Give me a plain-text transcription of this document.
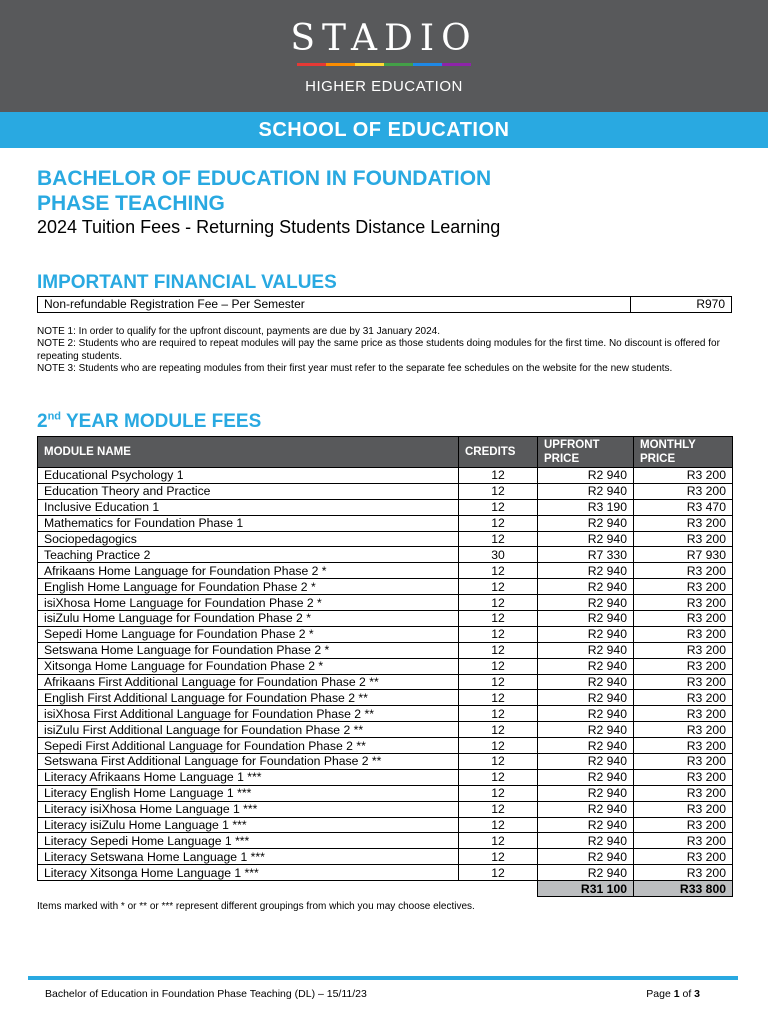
STADIO
HIGHER EDUCATION
SCHOOL OF EDUCATION
BACHELOR OF EDUCATION IN FOUNDATION
PHASE TEACHING
2024 Tuition Fees - Returning Students Distance Learning
IMPORTANT FINANCIAL VALUES
Non-refundable Registration Fee – Per Semester	R970
NOTE 1: In order to qualify for the upfront discount, payments are due by 31 January 2024.
NOTE 2: Students who are required to repeat modules will pay the same price as those students doing modules for the first time. No discount is offered for repeating students.
NOTE 3: Students who are repeating modules from their first year must refer to the separate fee schedules on the website for the new students.
2nd YEAR MODULE FEES
MODULE NAME	CREDITS	UPFRONT PRICE	MONTHLY PRICE
Educational Psychology 1	12	R2 940	R3 200
Education Theory and Practice	12	R2 940	R3 200
Inclusive Education 1	12	R3 190	R3 470
Mathematics for Foundation Phase 1	12	R2 940	R3 200
Sociopedagogics	12	R2 940	R3 200
Teaching Practice 2	30	R7 330	R7 930
Afrikaans Home Language for Foundation Phase 2 *	12	R2 940	R3 200
English Home Language for Foundation Phase 2 *	12	R2 940	R3 200
isiXhosa Home Language for Foundation Phase 2 *	12	R2 940	R3 200
isiZulu Home Language for Foundation Phase 2 *	12	R2 940	R3 200
Sepedi Home Language for Foundation Phase 2 *	12	R2 940	R3 200
Setswana Home Language for Foundation Phase 2 *	12	R2 940	R3 200
Xitsonga Home Language for Foundation Phase 2 *	12	R2 940	R3 200
Afrikaans First Additional Language for Foundation Phase 2 **	12	R2 940	R3 200
English First Additional Language for Foundation Phase 2 **	12	R2 940	R3 200
isiXhosa First Additional Language for Foundation Phase 2 **	12	R2 940	R3 200
isiZulu First Additional Language for Foundation Phase 2 **	12	R2 940	R3 200
Sepedi First Additional Language for Foundation Phase 2 **	12	R2 940	R3 200
Setswana First Additional Language for Foundation Phase 2 **	12	R2 940	R3 200
Literacy Afrikaans Home Language 1 ***	12	R2 940	R3 200
Literacy English Home Language 1 ***	12	R2 940	R3 200
Literacy isiXhosa Home Language 1 ***	12	R2 940	R3 200
Literacy isiZulu Home Language 1 ***	12	R2 940	R3 200
Literacy Sepedi Home Language 1 ***	12	R2 940	R3 200
Literacy Setswana Home Language 1 ***	12	R2 940	R3 200
Literacy Xitsonga Home Language 1 ***	12	R2 940	R3 200
		R31 100	R33 800
Items marked with * or ** or *** represent different groupings from which you may choose electives.
Bachelor of Education in Foundation Phase Teaching (DL) – 15/11/23	Page 1 of 3
